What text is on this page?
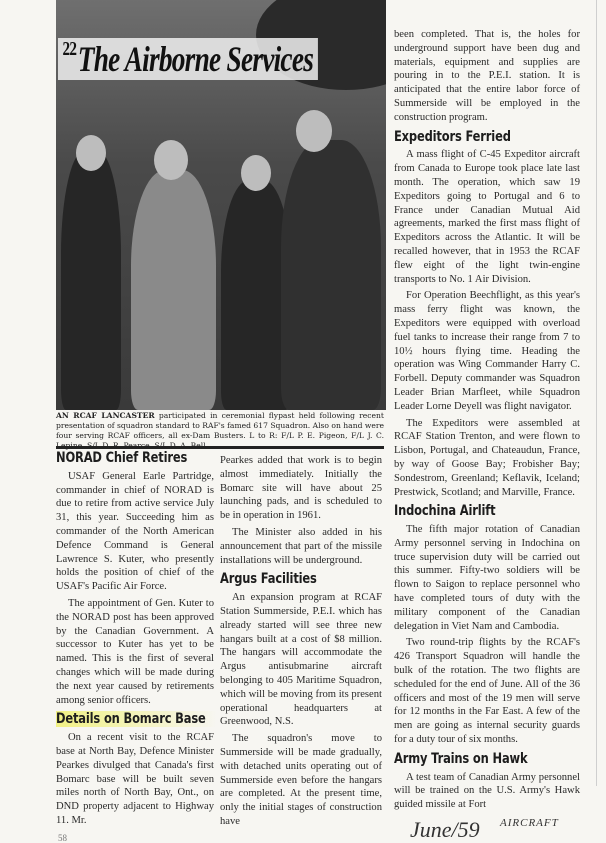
$^{22}$The Airborne Services
AN RCAF LANCASTER participated in ceremonial flypast held following recent presentation of squadron standard to RAF's famed 617 Squadron. Also on hand were four serving RCAF officers, all ex-Dam Busters. L to R: F/L P. E. Pigeon, F/L J. C.
NORAD Chief Retires

USAF General Earle Partridge, commander in chief of NORAD is due to retire from active service July 31, this year. Succeeding him as commander of the North American Defence Command is General Lawrence S. Kuter, who presently holds the position of chief of the USAF's Pacific Air Force.

The appointment of Gen. Kuter to the NORAD post has been approved by the Canadian Government. A successor to Kuter has yet to be named. This is the first of several changes which will be made during the next year caused by retirements among senior officers.

Details on Bomarc Base

On a recent visit to the RCAF base at North Bay, Defence Minister Pearkes divulged that Canada's first Bomarc base will be built seven miles north of North Bay, Ont., on DND property adjacent to Highway 11. Mr.

Pearkes added that work is to begin almost immediately. Initially the Bomarc site will have about 25 launching pads, and is scheduled to be in operation in 1961.

The Minister also added in his announcement that part of the missile installations will be underground.

Argus Facilities

An expansion program at RCAF Station Summerside, P.E.I. which has already started will see three new hangars built at a cost of $8 million. The hangars will accommodate the Argus antisubmarine aircraft belonging to 405 Maritime Squadron, which will be moving from its present operational headquarters at Greenwood, N.S.

The squadron's move to Summerside will be made gradually, with detached units operating out of Summerside even before the hangars are completed. At the present time, only the initial stages of construction have

been completed. That is, the holes for underground support have been dug and materials, equipment and supplies are pouring in to the P.E.I. station. It is anticipated that the entire labor force of Summerside will be employed in the construction program.

Expeditors Ferried

A mass flight of C-45 Expeditor aircraft from Canada to Europe took place late last month. The operation, which saw 19 Expeditors going to Portugal and 6 to France under Canadian Mutual Aid agreements, marked the first mass flight of Expeditors across the Atlantic. It will be recalled however, that in 1953 the RCAF flew eight of the light twin-engine transports to No. 1 Air Division.

For Operation Beechflight, as this year's mass ferry flight was known, the Expeditors were equipped with overload fuel tanks to increase their range from 7 to 10½ hours flying time. Heading the operation was Wing Commander Harry C. Forbell. Deputy commander was Squadron Leader Brian Marfleet, while Squadron Leader Lorne Deyell was flight navigator.

The Expeditors were assembled at RCAF Station Trenton, and were flown to Lisbon, Portugal, and Chateaudun, France, by way of Goose Bay; Frobisher Bay; Sondestrom, Greenland; Keflavik, Iceland; Prestwick, Scotland; and Marville, France.

Indochina Airlift

The fifth major rotation of Canadian Army personnel serving in Indochina on truce supervision duty will be carried out this summer. Fifty-two soldiers will be flown to Saigon to replace personnel who have completed tours of duty with the military component of the Canadian delegation in Viet Nam and Cambodia.

Two round-trip flights by the RCAF's 426 Transport Squadron will handle the bulk of the rotation. The two flights are scheduled for the end of June. All of the 36 officers and most of the 19 men will serve for 12 months in the Far East. A few of the men are going as internal security guards for a duty tour of six months.

Army Trains on Hawk

A test team of Canadian Army personnel will be trained on the U.S. Army's Hawk guided missile at Fort

58	June/59 AIRCRAFT
